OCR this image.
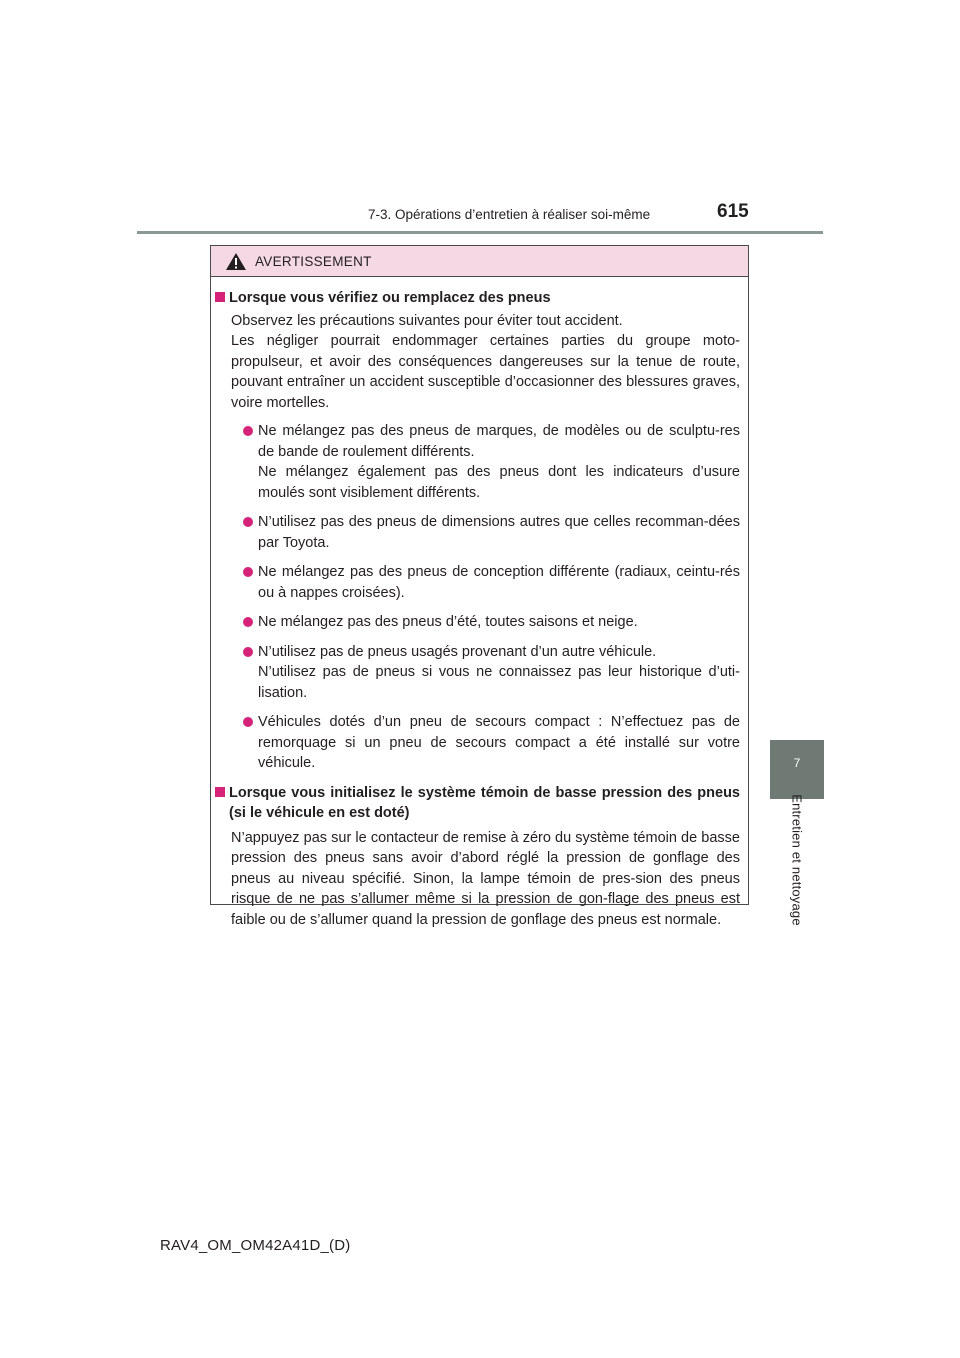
7-3. Opérations d’entretien à réaliser soi-même	615
7
Entretien et nettoyage
AVERTISSEMENT
Lorsque vous vérifiez ou remplacez des pneus

Observez les précautions suivantes pour éviter tout accident.

Les négliger pourrait endommager certaines parties du groupe moto-propulseur, et avoir des conséquences dangereuses sur la tenue de route, pouvant entraîner un accident susceptible d’occasionner des blessures graves, voire mortelles.

Ne mélangez pas des pneus de marques, de modèles ou de sculptu-res de bande de roulement différents.

Ne mélangez également pas des pneus dont les indicateurs d’usure moulés sont visiblement différents.

N’utilisez pas des pneus de dimensions autres que celles recomman-dées par Toyota.

Ne mélangez pas des pneus de conception différente (radiaux, ceintu-rés ou à nappes croisées).

Ne mélangez pas des pneus d’été, toutes saisons et neige.

N’utilisez pas de pneus usagés provenant d’un autre véhicule.

N’utilisez pas de pneus si vous ne connaissez pas leur historique d’uti-lisation.

Véhicules dotés d’un pneu de secours compact : N’effectuez pas de remorquage si un pneu de secours compact a été installé sur votre véhicule.

Lorsque vous initialisez le système témoin de basse pression des pneus (si le véhicule en est doté)

N’appuyez pas sur le contacteur de remise à zéro du système témoin de basse pression des pneus sans avoir d’abord réglé la pression de gonflage des pneus au niveau spécifié. Sinon, la lampe témoin de pres-sion des pneus risque de ne pas s’allumer même si la pression de gon-flage des pneus est faible ou de s’allumer quand la pression de gonflage des pneus est normale.

RAV4_OM_OM42A41D_(D)
